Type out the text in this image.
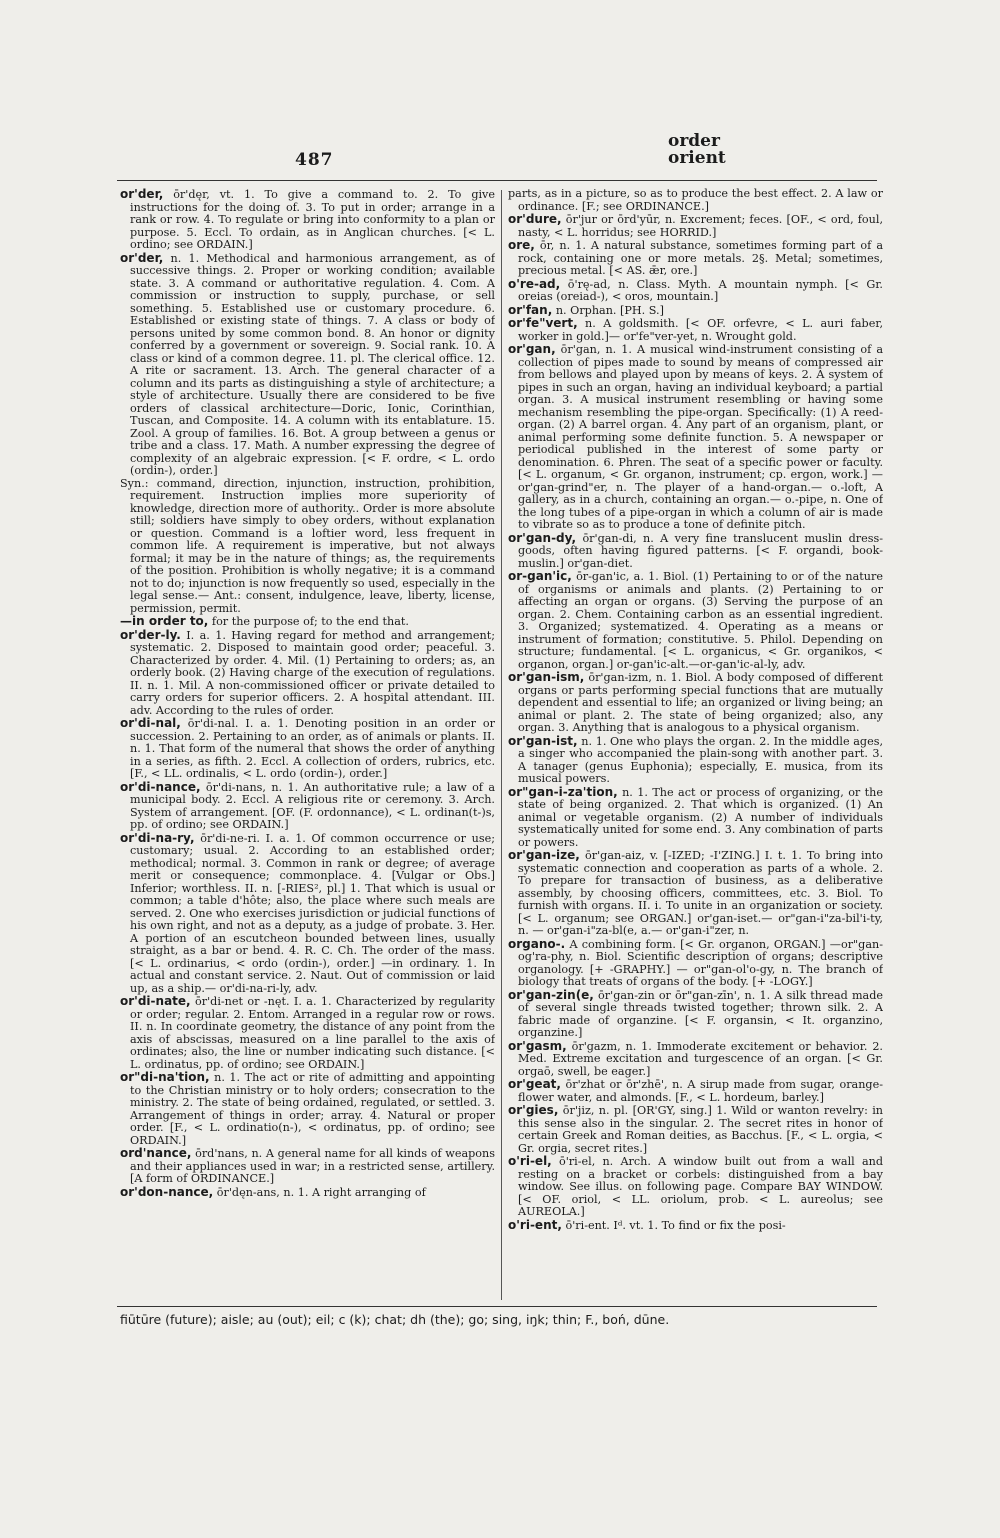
487
order
orient

or'der, ōr'dęr, vt. 1. To give a command to. 2. To give instructions for the doing of. 3. To put in order; arrange in a rank or row. 4. To regulate or bring into conformity to a plan or purpose. 5. Eccl. To ordain, as in Anglican churches. [< L. ordino; see ORDAIN.]

or'der, n. 1. Methodical and harmonious arrangement, as of successive things. 2. Proper or working condition; available state. 3. A command or authoritative regulation. 4. Com. A commission or instruction to supply, purchase, or sell something. 5. Established use or customary procedure. 6. Established or existing state of things. 7. A class or body of persons united by some common bond. 8. An honor or dignity conferred by a government or sovereign. 9. Social rank. 10. A class or kind of a common degree. 11. pl. The clerical office. 12. A rite or sacrament. 13. Arch. The general character of a column and its parts as distinguishing a style of architecture; a style of architecture. Usually there are considered to be five orders of classical architecture—Doric, Ionic, Corinthian, Tuscan, and Composite. 14. A column with its entablature. 15. Zool. A group of families. 16. Bot. A group between a genus or tribe and a class. 17. Math. A number expressing the degree of complexity of an algebraic expression. [< F. ordre, < L. ordo (ordin-), order.]

Syn.: command, direction, injunction, instruction, prohibition, requirement. Instruction implies more superiority of knowledge, direction more of authority.. Order is more absolute still; soldiers have simply to obey orders, without explanation or question. Command is a loftier word, less frequent in common life. A requirement is imperative, but not always formal; it may be in the nature of things; as, the requirements of the position. Prohibition is wholly negative; it is a command not to do; injunction is now frequently so used, especially in the legal sense.— Ant.: consent, indulgence, leave, liberty, license, permission, permit.

—in order to, for the purpose of; to the end that.

or'der-ly. I. a. 1. Having regard for method and arrangement; systematic. 2. Disposed to maintain good order; peaceful. 3. Characterized by order. 4. Mil. (1) Pertaining to orders; as, an orderly book. (2) Having charge of the execution of regulations. II. n. 1. Mil. A non-commissioned officer or private detailed to carry orders for superior officers. 2. A hospital attendant. III. adv. According to the rules of order.

or'di-nal, ōr'di-nal. I. a. 1. Denoting position in an order or succession. 2. Pertaining to an order, as of animals or plants. II. n. 1. That form of the numeral that shows the order of anything in a series, as fifth. 2. Eccl. A collection of orders, rubrics, etc. [F., < LL. ordinalis, < L. ordo (ordin-), order.]

or'di-nance, ōr'di-nans, n. 1. An authoritative rule; a law of a municipal body. 2. Eccl. A religious rite or ceremony. 3. Arch. System of arrangement. [OF. (F. ordonnance), < L. ordinan(t-)s, pp. of ordino; see ORDAIN.]

or'di-na-ry, ōr'di-ne-ri. I. a. 1. Of common occurrence or use; customary; usual. 2. According to an established order; methodical; normal. 3. Common in rank or degree; of average merit or consequence; commonplace. 4. [Vulgar or Obs.] Inferior; worthless. II. n. [-RIES², pl.] 1. That which is usual or common; a table d'hôte; also, the place where such meals are served. 2. One who exercises jurisdiction or judicial functions of his own right, and not as a deputy, as a judge of probate. 3. Her. A portion of an escutcheon bounded between lines, usually straight, as a bar or bend. 4. R. C. Ch. The order of the mass. [< L. ordinarius, < ordo (ordin-), order.] —in ordinary. 1. In actual and constant service. 2. Naut. Out of commission or laid up, as a ship.— or'di-na-ri-ly, adv.

or'di-nate, ōr'di-net or -nęt. I. a. 1. Characterized by regularity or order; regular. 2. Entom. Arranged in a regular row or rows. II. n. In coordinate geometry, the distance of any point from the axis of abscissas, measured on a line parallel to the axis of ordinates; also, the line or number indicating such distance. [< L. ordinatus, pp. of ordino; see ORDAIN.]

or"di-na'tion, n. 1. The act or rite of admitting and appointing to the Christian ministry or to holy orders; consecration to the ministry. 2. The state of being ordained, regulated, or settled. 3. Arrangement of things in order; array. 4. Natural or proper order. [F., < L. ordinatio(n-), < ordinatus, pp. of ordino; see ORDAIN.]

ord'nance, ōrd'nans, n. A general name for all kinds of weapons and their appliances used in war; in a restricted sense, artillery. [A form of ORDINANCE.]

or'don-nance, ōr'dęn-ans, n. 1. A right arranging of

parts, as in a picture, so as to produce the best effect. 2. A law or ordinance. [F.; see ORDINANCE.]

or'dure, ōr'jur or ōrd'yūr, n. Excrement; feces. [OF., < ord, foul, nasty, < L. horridus; see HORRID.]

ore, ōr, n. 1. A natural substance, sometimes forming part of a rock, containing one or more metals. 2§. Metal; sometimes, precious metal. [< AS. ǣr, ore.]

o're-ad, ō'rę-ad, n. Class. Myth. A mountain nymph. [< Gr. oreias (oreiad-), < oros, mountain.]

or'fan, n. Orphan. [PH. S.]

or'fe"vert, n. A goldsmith. [< OF. orfevre, < L. auri faber, worker in gold.]— or'fe"ver-yet, n. Wrought gold.

or'gan, ōr'gan, n. 1. A musical wind-instrument consisting of a collection of pipes made to sound by means of compressed air from bellows and played upon by means of keys. 2. A system of pipes in such an organ, having an individual keyboard; a partial organ. 3. A musical instrument resembling or having some mechanism resembling the pipe-organ. Specifically: (1) A reed-organ. (2) A barrel organ. 4. Any part of an organism, plant, or animal performing some definite function. 5. A newspaper or periodical published in the interest of some party or denomination. 6. Phren. The seat of a specific power or faculty. [< L. organum, < Gr. organon, instrument; cp. ergon, work.] —or'gan-grind"er, n. The player of a hand-organ.— o.-loft, A gallery, as in a church, containing an organ.— o.-pipe, n. One of the long tubes of a pipe-organ in which a column of air is made to vibrate so as to produce a tone of definite pitch.

or'gan-dy, ōr'gan-di, n. A very fine translucent muslin dress-goods, often having figured patterns. [< F. organdi, book-muslin.] or'gan-diet.

or-gan'ic, ōr-gan'ic, a. 1. Biol. (1) Pertaining to or of the nature of organisms or animals and plants. (2) Pertaining to or affecting an organ or organs. (3) Serving the purpose of an organ. 2. Chem. Containing carbon as an essential ingredient. 3. Organized; systematized. 4. Operating as a means or instrument of formation; constitutive. 5. Philol. Depending on structure; fundamental. [< L. organicus, < Gr. organikos, < organon, organ.] or-gan'ic-alt.—or-gan'ic-al-ly, adv.

or'gan-ism, ōr'gan-izm, n. 1. Biol. A body composed of different organs or parts performing special functions that are mutually dependent and essential to life; an organized or living being; an animal or plant. 2. The state of being organized; also, any organ. 3. Anything that is analogous to a physical organism.

or'gan-ist, n. 1. One who plays the organ. 2. In the middle ages, a singer who accompanied the plain-song with another part. 3. A tanager (genus Euphonia); especially, E. musica, from its musical powers.

or"gan-i-za'tion, n. 1. The act or process of organizing, or the state of being organized. 2. That which is organized. (1) An animal or vegetable organism. (2) A number of individuals systematically united for some end. 3. Any combination of parts or powers.

or'gan-ize, ōr'gan-aiz, v. [-IZED; -I'ZING.] I. t. 1. To bring into systematic connection and cooperation as parts of a whole. 2. To prepare for transaction of business, as a deliberative assembly, by choosing officers, committees, etc. 3. Biol. To furnish with organs. II. i. To unite in an organization or society. [< L. organum; see ORGAN.] or'gan-iset.— or"gan-i"za-bil'i-ty, n. — or'gan-i"za-bl(e, a.— or'gan-i"zer, n.

organo-. A combining form. [< Gr. organon, ORGAN.] —or"gan-og'ra-phy, n. Biol. Scientific description of organs; descriptive organology. [+ -GRAPHY.] — or"gan-ol'o-gy, n. The branch of biology that treats of organs of the body. [+ -LOGY.]

or'gan-zin(e, ōr'gan-zin or ōr"gan-zīn', n. 1. A silk thread made of several single threads twisted together; thrown silk. 2. A fabric made of organzine. [< F. organsin, < It. organzino, organzine.]

or'gasm, ōr'gazm, n. 1. Immoderate excitement or behavior. 2. Med. Extreme excitation and turgescence of an organ. [< Gr. orgaō, swell, be eager.]

or'geat, ōr'zhat or ōr'zhē', n. A sirup made from sugar, orange-flower water, and almonds. [F., < L. hordeum, barley.]

or'gies, ōr'jiz, n. pl. [OR'GY, sing.] 1. Wild or wanton revelry: in this sense also in the singular. 2. The secret rites in honor of certain Greek and Roman deities, as Bacchus. [F., < L. orgia, < Gr. orgia, secret rites.]

o'ri-el, ō'ri-el, n. Arch. A window built out from a wall and resting on a bracket or corbels: distinguished from a bay window. See illus. on following page. Compare BAY WINDOW. [< OF. oriol, < LL. oriolum, prob. < L. aureolus; see AUREOLA.]

o'ri-ent, ō'ri-ent. Iᵈ. vt. 1. To find or fix the posi-

fiūtūre (future); aisle; au (out); eil; c (k); chat; dh (the); go; sing, iŋk; thin; F., boń, dūne.
